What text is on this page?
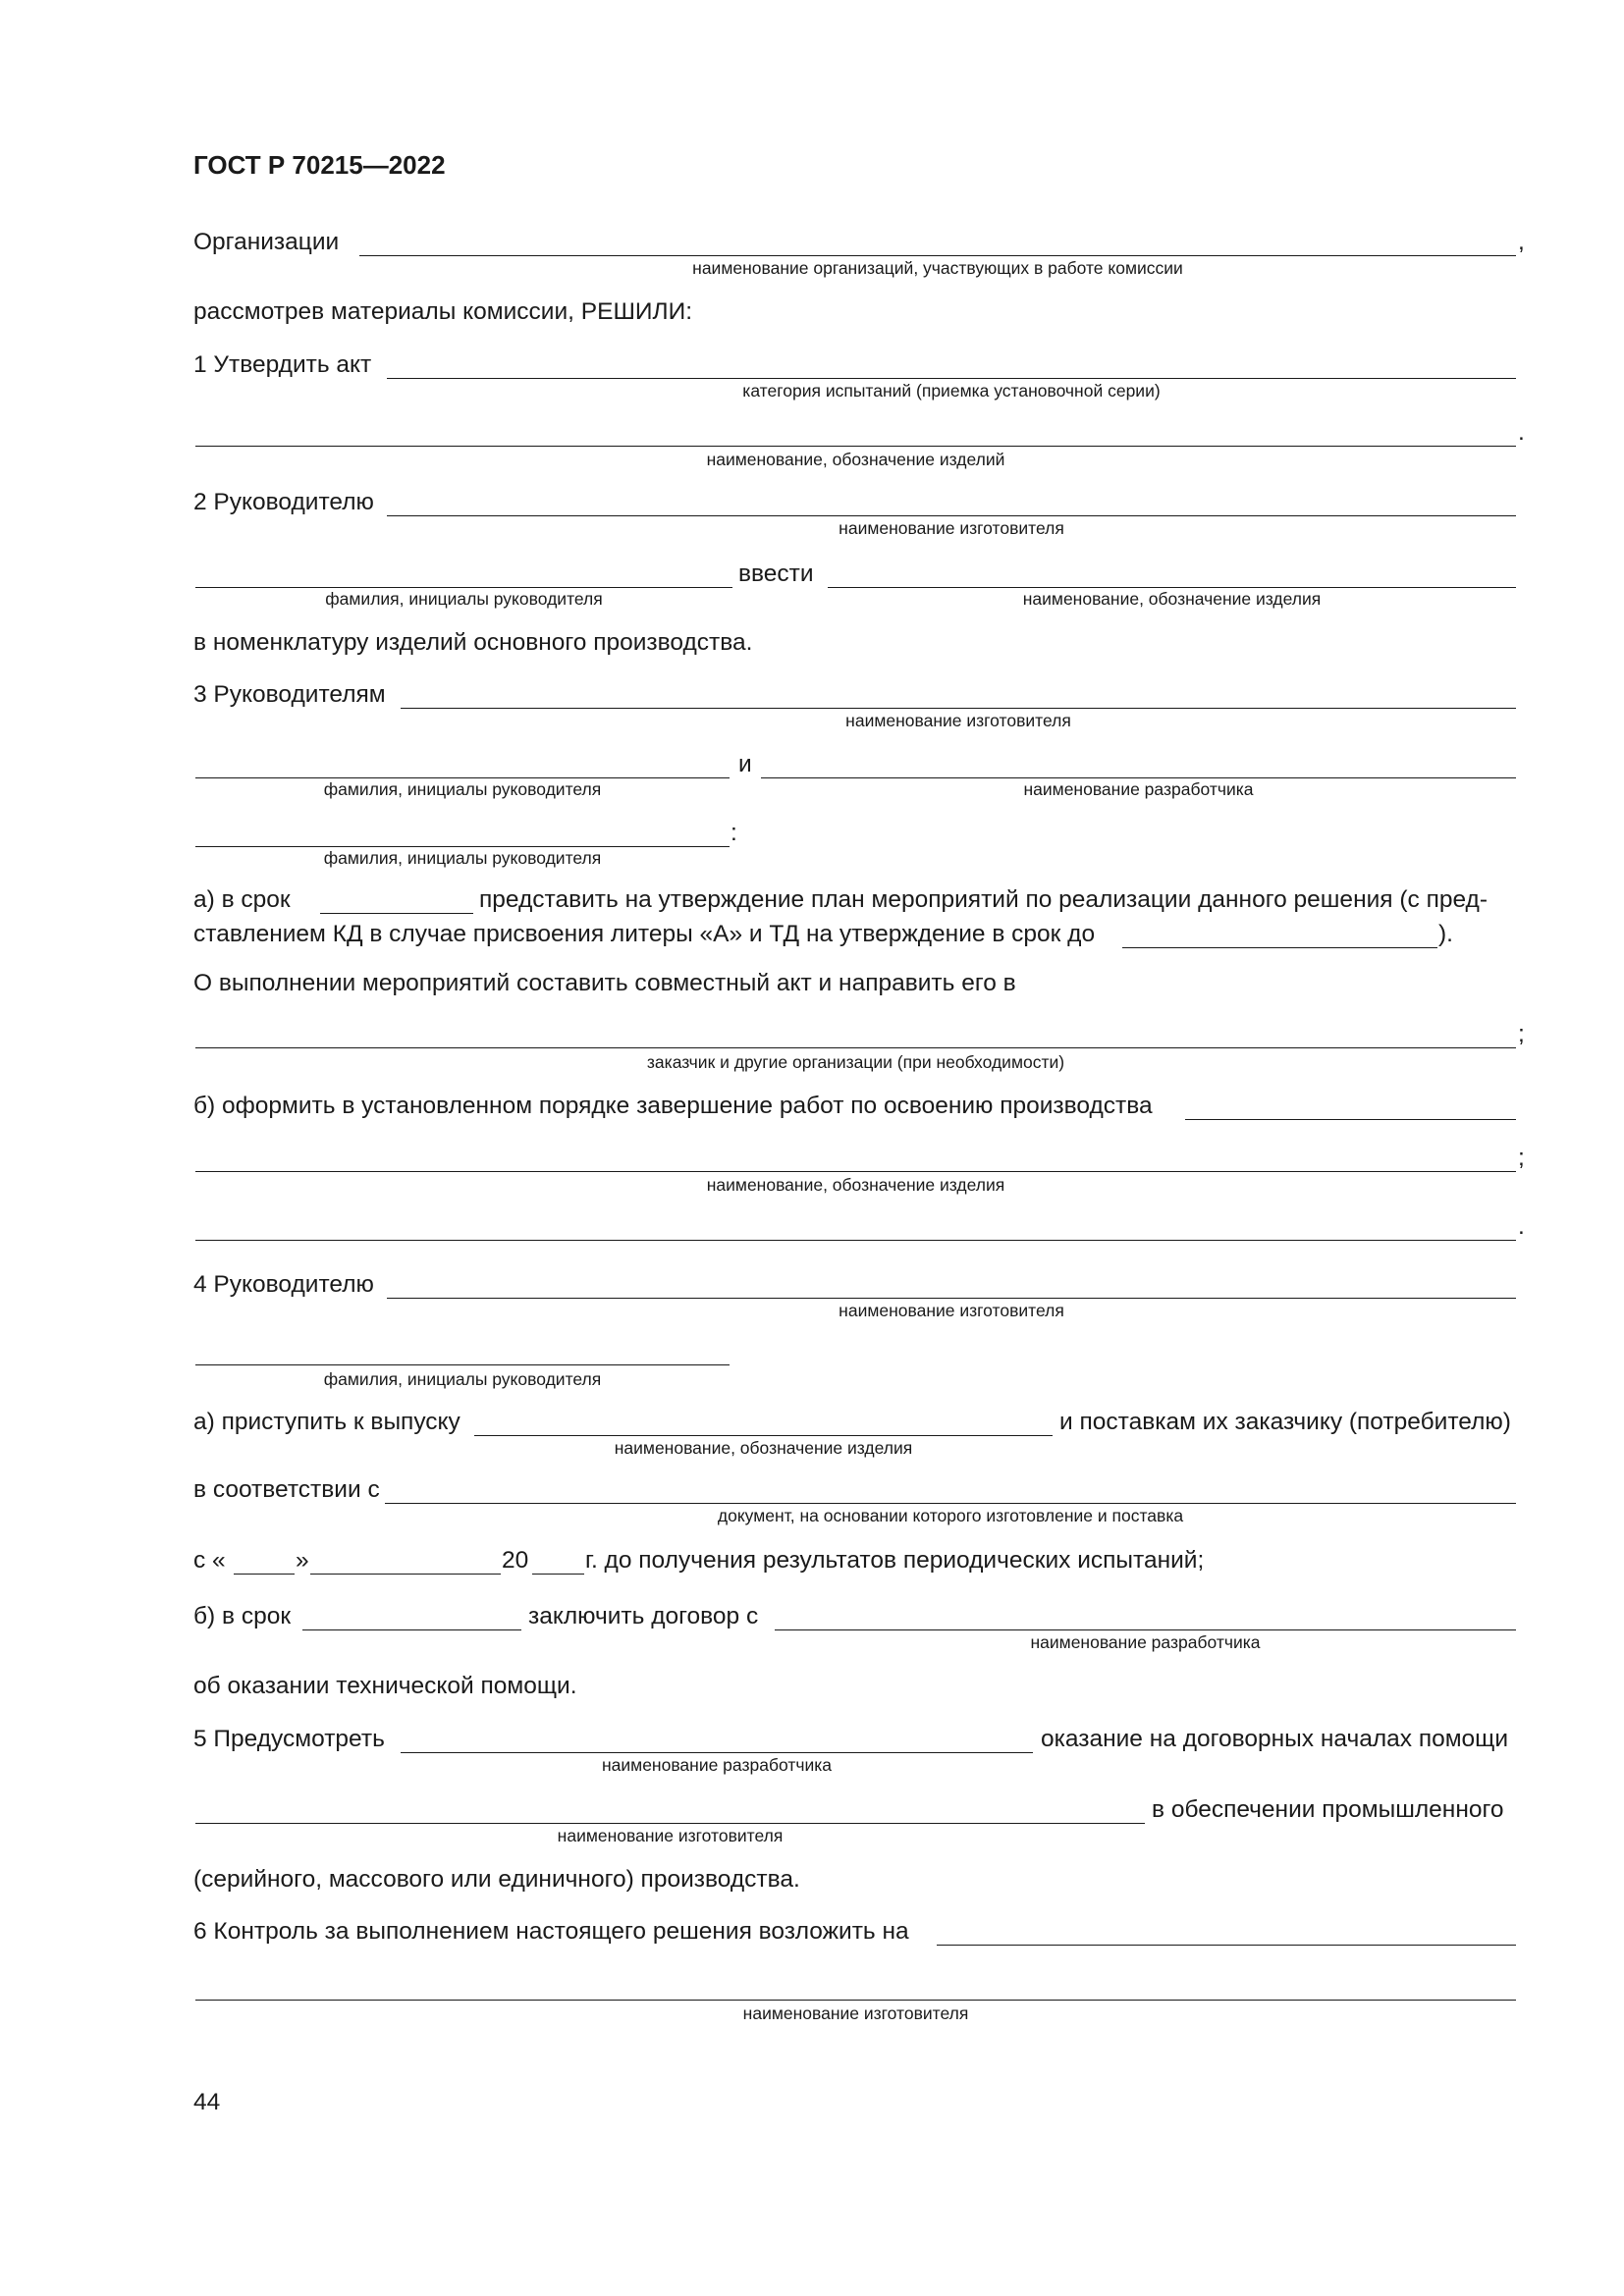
ГОСТ Р 70215—2022
Организации	,
наименование организаций, участвующих в работе комиссии
рассмотрев материалы комиссии, РЕШИЛИ:
1 Утвердить акт
категория испытаний (приемка установочной серии)
.
наименование, обозначение изделий
2 Руководителю
наименование изготовителя
ввести
фамилия, инициалы руководителя	наименование, обозначение изделия
в номенклатуру изделий основного производства.
3 Руководителям
наименование изготовителя
и
фамилия, инициалы руководителя	наименование разработчика
:
фамилия, инициалы руководителя
а) в срок	представить на утверждение план мероприятий по реализации данного решения (с пред-
ставлением КД в случае присвоения литеры «А» и ТД на утверждение в срок до	).
О выполнении мероприятий составить совместный акт и направить его в
;
заказчик и другие организации (при необходимости)
б) оформить в установленном порядке завершение работ по освоению производства
;
наименование, обозначение изделия
.
4 Руководителю
наименование изготовителя
фамилия, инициалы руководителя
а) приступить к выпуску	и поставкам их заказчику (потребителю)
наименование, обозначение изделия
в соответствии с
документ, на основании которого изготовление и поставка
с «	»	20 г. до получения результатов периодических испытаний;
б) в срок	заключить договор с
наименование разработчика
об оказании технической помощи.
5 Предусмотреть	оказание на договорных началах помощи
наименование разработчика
в обеспечении промышленного
наименование изготовителя
(серийного, массового или единичного) производства.
6 Контроль за выполнением настоящего решения возложить на
наименование изготовителя
44
